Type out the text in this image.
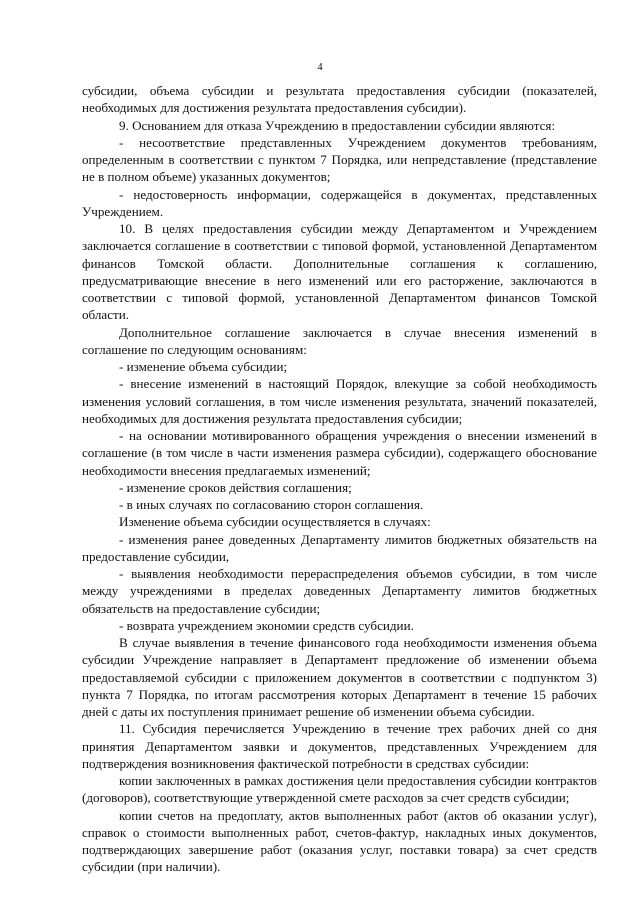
4

субсидии, объема субсидии и результата предоставления субсидии (показателей, необходимых для достижения результата предоставления субсидии).

9. Основанием для отказа Учреждению в предоставлении субсидии являются:

- несоответствие представленных Учреждением документов требованиям, определенным в соответствии с пунктом 7 Порядка, или непредставление (представление не в полном объеме) указанных документов;

- недостоверность информации, содержащейся в документах, представленных Учреждением.

10. В целях предоставления субсидии между Департаментом и Учреждением заключается соглашение в соответствии с типовой формой, установленной Департаментом финансов Томской области. Дополнительные соглашения к соглашению, предусматривающие внесение в него изменений или его расторжение, заключаются в соответствии с типовой формой, установленной Департаментом финансов Томской области.

Дополнительное соглашение заключается в случае внесения изменений в соглашение по следующим основаниям:

- изменение объема субсидии;

- внесение изменений в настоящий Порядок, влекущие за собой необходимость изменения условий соглашения, в том числе изменения результата, значений показателей, необходимых для достижения результата предоставления субсидии;

- на основании мотивированного обращения учреждения о внесении изменений в соглашение (в том числе в части изменения размера субсидии), содержащего обоснование необходимости внесения предлагаемых изменений;

- изменение сроков действия соглашения;

- в иных случаях по согласованию сторон соглашения.

Изменение объема субсидии осуществляется в случаях:

- изменения ранее доведенных Департаменту лимитов бюджетных обязательств на предоставление субсидии,

- выявления необходимости перераспределения объемов субсидии, в том числе между учреждениями в пределах доведенных Департаменту лимитов бюджетных обязательств на предоставление субсидии;

- возврата учреждением экономии средств субсидии.

В случае выявления в течение финансового года необходимости изменения объема субсидии Учреждение направляет в Департамент предложение об изменении объема предоставляемой субсидии с приложением документов в соответствии с подпунктом 3) пункта 7 Порядка, по итогам рассмотрения которых Департамент в течение 15 рабочих дней с даты их поступления принимает решение об изменении объема субсидии.

11. Субсидия перечисляется Учреждению в течение трех рабочих дней со дня принятия Департаментом заявки и документов, представленных Учреждением для подтверждения возникновения фактической потребности в средствах субсидии:

копии заключенных в рамках достижения цели предоставления субсидии контрактов (договоров), соответствующие утвержденной смете расходов за счет средств субсидии;

копии счетов на предоплату, актов выполненных работ (актов об оказании услуг), справок о стоимости выполненных работ, счетов-фактур, накладных иных документов, подтверждающих завершение работ (оказания услуг, поставки товара) за счет средств субсидии (при наличии).
